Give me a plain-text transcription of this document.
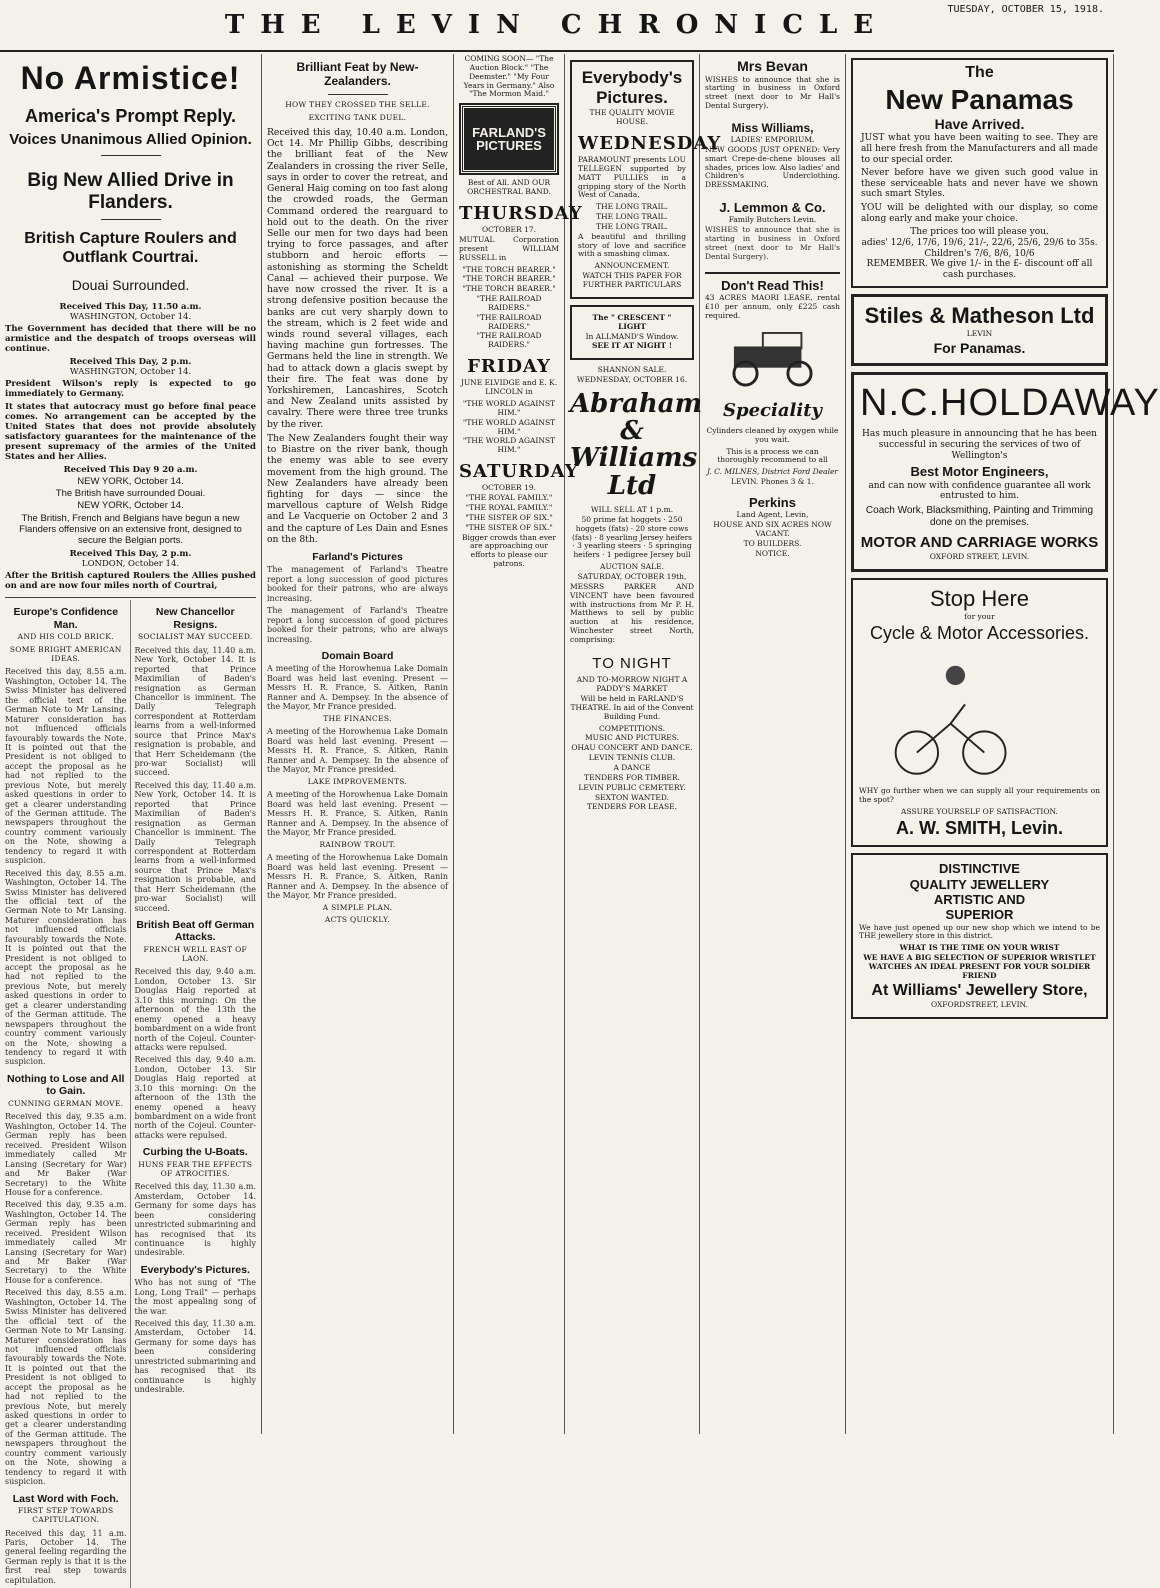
THE LEVIN CHRONICLE
TUESDAY, OCTOBER 15, 1918.
No Armistice!
America's Prompt Reply.
Voices Unanimous Allied Opinion.
Big New Allied Drive in Flanders.
British Capture Roulers and Outflank Courtrai.
Douai Surrounded.
Received This Day, 11.50 a.m.
WASHINGTON, October 14.

The Government has decided that there will be no armistice and the despatch of troops overseas will continue.

Received This Day, 2 p.m.
WASHINGTON, October 14.

President Wilson's reply is expected to go immediately to Germany.

It states that autocracy must go before final peace comes. No arrangement can be accepted by the United States that does not provide absolutely satisfactory guarantees for the maintenance of the present supremacy of the armies of the United States and her Allies.

Received This Day 9 20 a.m.
NEW YORK, October 14.
The British have surrounded Douai.
NEW YORK, October 14.
The British, French and Belgians have begun a new Flanders offensive on an extensive front, designed to secure the Belgian ports.
Received This Day, 2 p.m.
LONDON, October 14.

After the British captured Roulers the Allies pushed on and are now four miles north of Courtrai,

Europe's Confidence Man.
AND HIS COLD BRICK.
SOME BRIGHT AMERICAN IDEAS.

Received this day, 8.55 a.m. Washington, October 14. The Swiss Minister has delivered the official text of the German Note to Mr Lansing. Maturer consideration has not influenced officials favourably towards the Note. It is pointed out that the President is not obliged to accept the proposal as he had not replied to the previous Note, but merely asked questions in order to get a clearer understanding of the German attitude. The newspapers throughout the country comment variously on the Note, showing a tendency to regard it with suspicion.

Received this day, 8.55 a.m. Washington, October 14. The Swiss Minister has delivered the official text of the German Note to Mr Lansing. Maturer consideration has not influenced officials favourably towards the Note. It is pointed out that the President is not obliged to accept the proposal as he had not replied to the previous Note, but merely asked questions in order to get a clearer understanding of the German attitude. The newspapers throughout the country comment variously on the Note, showing a tendency to regard it with suspicion.

Nothing to Lose and All to Gain.
CUNNING GERMAN MOVE.

Received this day, 9.35 a.m. Washington, October 14. The German reply has been received. President Wilson immediately called Mr Lansing (Secretary for War) and Mr Baker (War Secretary) to the White House for a conference.

Received this day, 9.35 a.m. Washington, October 14. The German reply has been received. President Wilson immediately called Mr Lansing (Secretary for War) and Mr Baker (War Secretary) to the White House for a conference.

Received this day, 8.55 a.m. Washington, October 14. The Swiss Minister has delivered the official text of the German Note to Mr Lansing. Maturer consideration has not influenced officials favourably towards the Note. It is pointed out that the President is not obliged to accept the proposal as he had not replied to the previous Note, but merely asked questions in order to get a clearer understanding of the German attitude. The newspapers throughout the country comment variously on the Note, showing a tendency to regard it with suspicion.

Last Word with Foch.
FIRST STEP TOWARDS CAPITULATION.

Received this day, 11 a.m. Paris, October 14. The general feeling regarding the German reply is that it is the first real step towards capitulation.

New Chancellor Resigns.
SOCIALIST MAY SUCCEED.

Received this day, 11.40 a.m. New York, October 14. It is reported that Prince Maximilian of Baden's resignation as German Chancellor is imminent. The Daily Telegraph correspondent at Rotterdam learns from a well-informed source that Prince Max's resignation is probable, and that Herr Scheidemann (the pro-war Socialist) will succeed.

Received this day, 11.40 a.m. New York, October 14. It is reported that Prince Maximilian of Baden's resignation as German Chancellor is imminent. The Daily Telegraph correspondent at Rotterdam learns from a well-informed source that Prince Max's resignation is probable, and that Herr Scheidemann (the pro-war Socialist) will succeed.

British Beat off German Attacks.
FRENCH WELL EAST OF LAON.

Received this day, 9.40 a.m. London, October 13. Sir Douglas Haig reported at 3.10 this morning: On the afternoon of the 13th the enemy opened a heavy bombardment on a wide front north of the Cojeul. Counter-attacks were repulsed.

Received this day, 9.40 a.m. London, October 13. Sir Douglas Haig reported at 3.10 this morning: On the afternoon of the 13th the enemy opened a heavy bombardment on a wide front north of the Cojeul. Counter-attacks were repulsed.

Curbing the U-Boats.
HUNS FEAR THE EFFECTS OF ATROCITIES.

Received this day, 11.30 a.m. Amsterdam, October 14. Germany for some days has been considering unrestricted submarining and has recognised that its continuance is highly undesirable.

Everybody's Pictures.

Who has not sung of "The Long, Long Trail" — perhaps the most appealing song of the war.

Received this day, 11.30 a.m. Amsterdam, October 14. Germany for some days has been considering unrestricted submarining and has recognised that its continuance is highly undesirable.

Brilliant Feat by New-Zealanders.
HOW THEY CROSSED THE SELLE.
EXCITING TANK DUEL.

Received this day, 10.40 a.m. London, Oct 14. Mr Phillip Gibbs, describing the brilliant feat of the New Zealanders in crossing the river Selle, says in order to cover the retreat, and General Haig coming on too fast along the crowded roads, the German Command ordered the rearguard to hold out to the death. On the river Selle our men for two days had been trying to force passages, and after stubborn and heroic efforts — astonishing as storming the Scheldt Canal — achieved their purpose. We have now crossed the river. It is a strong defensive position because the banks are cut very sharply down to the stream, which is 2 feet wide and winds round several villages, each having machine gun fortresses. The Germans held the line in strength. We had to attack down a glacis swept by their fire. The feat was done by Yorkshiremen, Lancashires, Scotch and New Zealand units assisted by cavalry. There were three tree trunks by the river.

The New Zealanders fought their way to Biastre on the river bank, though the enemy was able to see every movement from the high ground. The New Zealanders have already been fighting for days — since the marvellous capture of Welsh Ridge and Le Vacquerie on October 2 and 3 and the capture of Les Dain and Esnes on the 8th.

Farland's Pictures

The management of Farland's Theatre report a long succession of good pictures booked for their patrons, who are always increasing.

The management of Farland's Theatre report a long succession of good pictures booked for their patrons, who are always increasing.

Domain Board

A meeting of the Horowhenua Lake Domain Board was held last evening. Present — Messrs H. R. France, S. Aitken, Ranin Ranner and A. Dempsey. In the absence of the Mayor, Mr France presided.

THE FINANCES.

A meeting of the Horowhenua Lake Domain Board was held last evening. Present — Messrs H. R. France, S. Aitken, Ranin Ranner and A. Dempsey. In the absence of the Mayor, Mr France presided.

LAKE IMPROVEMENTS.

A meeting of the Horowhenua Lake Domain Board was held last evening. Present — Messrs H. R. France, S. Aitken, Ranin Ranner and A. Dempsey. In the absence of the Mayor, Mr France presided.

RAINBOW TROUT.

A meeting of the Horowhenua Lake Domain Board was held last evening. Present — Messrs H. R. France, S. Aitken, Ranin Ranner and A. Dempsey. In the absence of the Mayor, Mr France presided.

A SIMPLE PLAN.
ACTS QUICKLY.

COMING SOON— "The Auction Block." "The Deemster." "My Four Years in Germany." Also "The Mormon Maid."

FARLAND'S
PICTURES
Best of All. AND OUR ORCHESTRAL BAND.
THURSDAY
OCTOBER 17.

MUTUAL Corporation present WILLIAM RUSSELL in

"THE TORCH BEARER."
"THE TORCH BEARER."
"THE TORCH BEARER."
"THE RAILROAD RAIDERS."
"THE RAILROAD RAIDERS."
"THE RAILROAD RAIDERS."
FRIDAY

JUNE ELVIDGE and E. K. LINCOLN in

"THE WORLD AGAINST HIM."
"THE WORLD AGAINST HIM."
"THE WORLD AGAINST HIM."
SATURDAY
OCTOBER 19.
"THE ROYAL FAMILY."
"THE ROYAL FAMILY."
"THE SISTER OF SIX."
"THE SISTER OF SIX."

Bigger crowds than ever are approaching our efforts to please our patrons.

Everybody's
Pictures.
THE QUALITY MOVIE HOUSE.
WEDNESDAY

PARAMOUNT presents LOU TELLEGEN supported by MATT PULLIES in a gripping story of the North West of Canada,

THE LONG TRAIL.
THE LONG TRAIL.
THE LONG TRAIL.

A beautiful and thrilling story of love and sacrifice with a smashing climax.

ANNOUNCEMENT.
WATCH THIS PAPER FOR FURTHER PARTICULARS
The " CRESCENT " LIGHT
In ALLMAND'S Window.
SEE IT AT NIGHT !
SHANNON SALE.
WEDNESDAY, OCTOBER 16.
Abraham &
Williams Ltd
WILL SELL AT 1 p.m.

50 prime fat hoggets · 250 hoggets (fats) · 20 store cows (fats) · 8 yearling Jersey heifers · 3 yearling steers · 5 springing heifers · 1 pedigree Jersey bull

AUCTION SALE.
SATURDAY, OCTOBER 19th,

MESSRS PARKER AND VINCENT have been favoured with instructions from Mr P. H. Matthews to sell by public auction at his residence, Winchester street North, comprising:

TO NIGHT
AND TO-MORROW NIGHT A PADDY'S MARKET

Will be held in FARLAND'S THEATRE. In aid of the Convent Building Fund.

COMPETITIONS.
MUSIC AND PICTURES.
OHAU CONCERT AND DANCE.
LEVIN TENNIS CLUB.
A DANCE
TENDERS FOR TIMBER.
LEVIN PUBLIC CEMETERY.
SEXTON WANTED.
TENDERS FOR LEASE.
Mrs Bevan

WISHES to announce that she is starting in business in Oxford street (next door to Mr Hall's Dental Surgery).

Miss Williams,
LADIES' EMPORIUM.

NEW GOODS JUST OPENED: Very smart Crepe-de-chene blouses all shades, prices low. Also ladies' and Children's Underclothing. DRESSMAKING.

J. Lemmon & Co.
Family Butchers Levin.

WISHES to announce that she is starting in business in Oxford street (next door to Mr Hall's Dental Surgery).

Don't Read This!

43 ACRES MAORI LEASE, rental £10 per annum, only £225 cash required.

Speciality

Cylinders cleaned by oxygen while you wait.

This is a process we can thoroughly recommend to all

J. C. MILNES, District Ford Dealer
LEVIN. Phones 3 & 1.
Perkins
Land Agent, Levin,
HOUSE AND SIX ACRES NOW VACANT.
TO BUILDERS.
NOTICE.
The
New Panamas
Have Arrived.

JUST what you have been waiting to see. They are all here fresh from the Manufacturers and all made to our special order.

Never before have we given such good value in these serviceable hats and never have we shown such smart Styles.

YOU will be delighted with our display, so come along early and make your choice.

The prices too will please you.
adies' 12/6, 17/6, 19/6, 21/-, 22/6, 25/6, 29/6 to 35s.
Children's 7/6, 8/6, 10/6
REMEMBER. We give 1/- in the £- discount off all cash purchases.
Stiles & Matheson Ltd
LEVIN
For Panamas.
N.C.HOLDAWAY

Has much pleasure in announcing that he has been successful in securing the services of two of Wellington's

Best Motor Engineers,

and can now with confidence guarantee all work entrusted to him.

Coach Work, Blacksmithing, Painting and Trimming
done on the premises.
MOTOR AND CARRIAGE WORKS
OXFORD STREET, LEVIN.
Stop Here
for your
Cycle & Motor Accessories.

WHY go further when we can supply all your requirements on the spot?

ASSURE YOURSELF OF SATISFACTION.
A. W. SMITH, Levin.
DISTINCTIVE
QUALITY JEWELLERY
ARTISTIC AND
SUPERIOR

We have just opened up our new shop which we intend to be THE jewellery store in this district.

WHAT IS THE TIME ON YOUR WRIST
WE HAVE A BIG SELECTION OF SUPERIOR WRISTLET WATCHES AN IDEAL PRESENT FOR YOUR SOLDIER FRIEND
At Williams' Jewellery Store,
OXFORDSTREET, LEVIN.
